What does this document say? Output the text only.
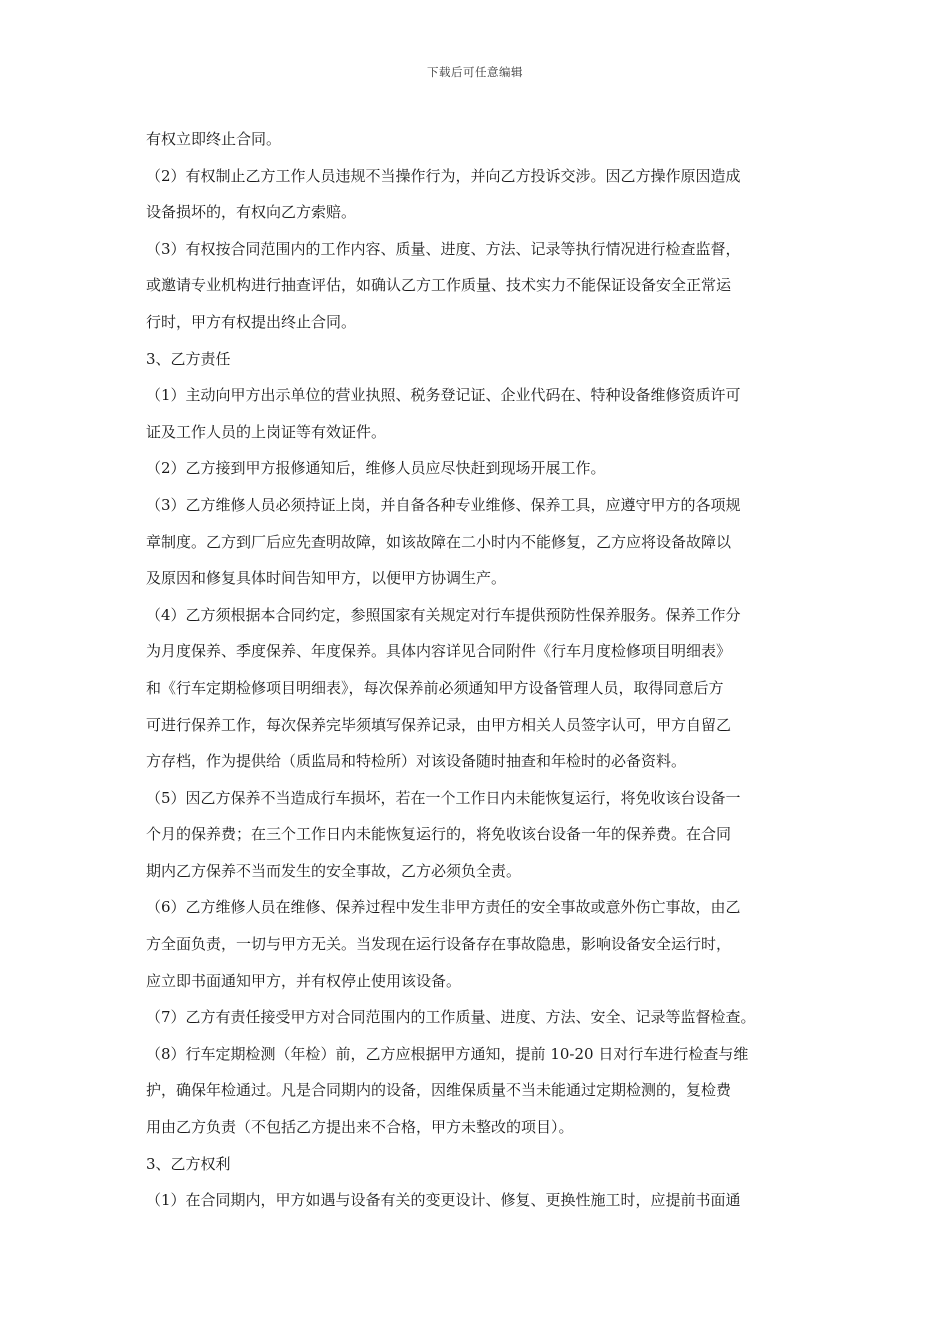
下载后可任意编辑
有权立即终止合同。
（2）有权制止乙方工作人员违规不当操作行为，并向乙方投诉交涉。因乙方操作原因造成
设备损坏的，有权向乙方索赔。
（3）有权按合同范围内的工作内容、质量、进度、方法、记录等执行情况进行检查监督，
或邀请专业机构进行抽查评估，如确认乙方工作质量、技术实力不能保证设备安全正常运
行时，甲方有权提出终止合同。
3、乙方责任
（1）主动向甲方出示单位的营业执照、税务登记证、企业代码在、特种设备维修资质许可
证及工作人员的上岗证等有效证件。
（2）乙方接到甲方报修通知后，维修人员应尽快赶到现场开展工作。
（3）乙方维修人员必须持证上岗，并自备各种专业维修、保养工具，应遵守甲方的各项规
章制度。乙方到厂后应先查明故障，如该故障在二小时内不能修复，乙方应将设备故障以
及原因和修复具体时间告知甲方，以便甲方协调生产。
（4）乙方须根据本合同约定，参照国家有关规定对行车提供预防性保养服务。保养工作分
为月度保养、季度保养、年度保养。具体内容详见合同附件《行车月度检修项目明细表》
和《行车定期检修项目明细表》，每次保养前必须通知甲方设备管理人员，取得同意后方
可进行保养工作，每次保养完毕须填写保养记录，由甲方相关人员签字认可，甲方自留乙
方存档，作为提供给（质监局和特检所）对该设备随时抽查和年检时的必备资料。
（5）因乙方保养不当造成行车损坏，若在一个工作日内未能恢复运行，将免收该台设备一
个月的保养费；在三个工作日内未能恢复运行的，将免收该台设备一年的保养费。在合同
期内乙方保养不当而发生的安全事故，乙方必须负全责。
（6）乙方维修人员在维修、保养过程中发生非甲方责任的安全事故或意外伤亡事故，由乙
方全面负责，一切与甲方无关。当发现在运行设备存在事故隐患，影响设备安全运行时，
应立即书面通知甲方，并有权停止使用该设备。
（7）乙方有责任接受甲方对合同范围内的工作质量、进度、方法、安全、记录等监督检查。
（8）行车定期检测（年检）前，乙方应根据甲方通知，提前 10-20 日对行车进行检查与维
护，确保年检通过。凡是合同期内的设备，因维保质量不当未能通过定期检测的，复检费
用由乙方负责（不包括乙方提出来不合格，甲方未整改的项目）。
3、乙方权利
（1）在合同期内，甲方如遇与设备有关的变更设计、修复、更换性施工时，应提前书面通
